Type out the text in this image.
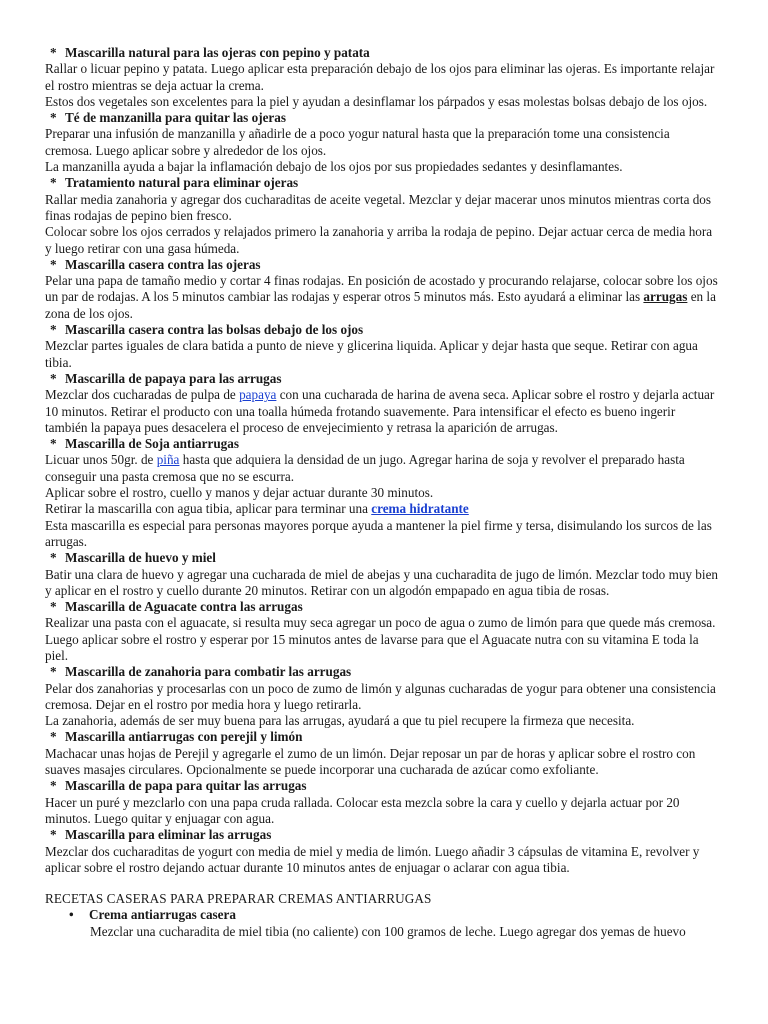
* Mascarilla natural para las ojeras con pepino y patata

Rallar o licuar pepino y patata. Luego aplicar esta preparación debajo de los ojos para eliminar las ojeras. Es importante relajar el rostro mientras se deja actuar la crema.

Estos dos vegetales son excelentes para la piel y ayudan a desinflamar los párpados y esas molestas bolsas debajo de los ojos.

* Té de manzanilla para quitar las ojeras

Preparar una infusión de manzanilla y añadirle de a poco yogur natural hasta que la preparación tome una consistencia cremosa. Luego aplicar sobre y alrededor de los ojos.

La manzanilla ayuda a bajar la inflamación debajo de los ojos por sus propiedades sedantes y desinflamantes.

* Tratamiento natural para eliminar ojeras

Rallar media zanahoria y agregar dos cucharaditas de aceite vegetal. Mezclar y dejar macerar unos minutos mientras corta dos finas rodajas de pepino bien fresco.

Colocar sobre los ojos cerrados y relajados primero la zanahoria y arriba la rodaja de pepino. Dejar actuar cerca de media hora y luego retirar con una gasa húmeda.

* Mascarilla casera contra las ojeras

Pelar una papa de tamaño medio y cortar 4 finas rodajas. En posición de acostado y procurando relajarse, colocar sobre los ojos un par de rodajas. A los 5 minutos cambiar las rodajas y esperar otros 5 minutos más. Esto ayudará a eliminar las arrugas en la zona de los ojos.

* Mascarilla casera contra las bolsas debajo de los ojos

Mezclar partes iguales de clara batida a punto de nieve y glicerina liquida. Aplicar y dejar hasta que seque. Retirar con agua tibia.

* Mascarilla de papaya para las arrugas

Mezclar dos cucharadas de pulpa de papaya con una cucharada de harina de avena seca. Aplicar sobre el rostro y dejarla actuar 10 minutos. Retirar el producto con una toalla húmeda frotando suavemente. Para intensificar el efecto es bueno ingerir también la papaya pues desacelera el proceso de envejecimiento y retrasa la aparición de arrugas.

* Mascarilla de Soja antiarrugas

Licuar unos 50gr. de piña hasta que adquiera la densidad de un jugo. Agregar harina de soja y revolver el preparado hasta conseguir una pasta cremosa que no se escurra.

Aplicar sobre el rostro, cuello y manos y dejar actuar durante 30 minutos.

Retirar la mascarilla con agua tibia, aplicar para terminar una crema hidratante

Esta mascarilla es especial para personas mayores porque ayuda a mantener la piel firme y tersa, disimulando los surcos de las arrugas.

* Mascarilla de huevo y miel

Batir una clara de huevo y agregar una cucharada de miel de abejas y una cucharadita de jugo de limón. Mezclar todo muy bien y aplicar en el rostro y cuello durante 20 minutos. Retirar con un algodón empapado en agua tibia de rosas.

* Mascarilla de Aguacate contra las arrugas

Realizar una pasta con el aguacate, si resulta muy seca agregar un poco de agua o zumo de limón para que quede más cremosa. Luego aplicar sobre el rostro y esperar por 15 minutos antes de lavarse para que el Aguacate nutra con su vitamina E toda la piel.

* Mascarilla de zanahoria para combatir las arrugas

Pelar dos zanahorias y procesarlas con un poco de zumo de limón y algunas cucharadas de yogur para obtener una consistencia cremosa. Dejar en el rostro por media hora y luego retirarla.

La zanahoria, además de ser muy buena para las arrugas, ayudará a que tu piel recupere la firmeza que necesita.

* Mascarilla antiarrugas con perejil y limón

Machacar unas hojas de Perejil y agregarle el zumo de un limón. Dejar reposar un par de horas y aplicar sobre el rostro con suaves masajes circulares. Opcionalmente se puede incorporar una cucharada de azúcar como exfoliante.

* Mascarilla de papa para quitar las arrugas

Hacer un puré y mezclarlo con una papa cruda rallada. Colocar esta mezcla sobre la cara y cuello y dejarla actuar por 20 minutos. Luego quitar y enjuagar con agua.

* Mascarilla para eliminar las arrugas

Mezclar dos cucharaditas de yogurt con media de miel y media de limón. Luego añadir 3 cápsulas de vitamina E, revolver y aplicar sobre el rostro dejando actuar durante 10 minutos antes de enjuagar o aclarar con agua tibia.

RECETAS CASERAS PARA PREPARAR CREMAS ANTIARRUGAS
• Crema antiarrugas casera
Mezclar una cucharadita de miel tibia (no caliente) con 100 gramos de leche. Luego agregar dos yemas de huevo
